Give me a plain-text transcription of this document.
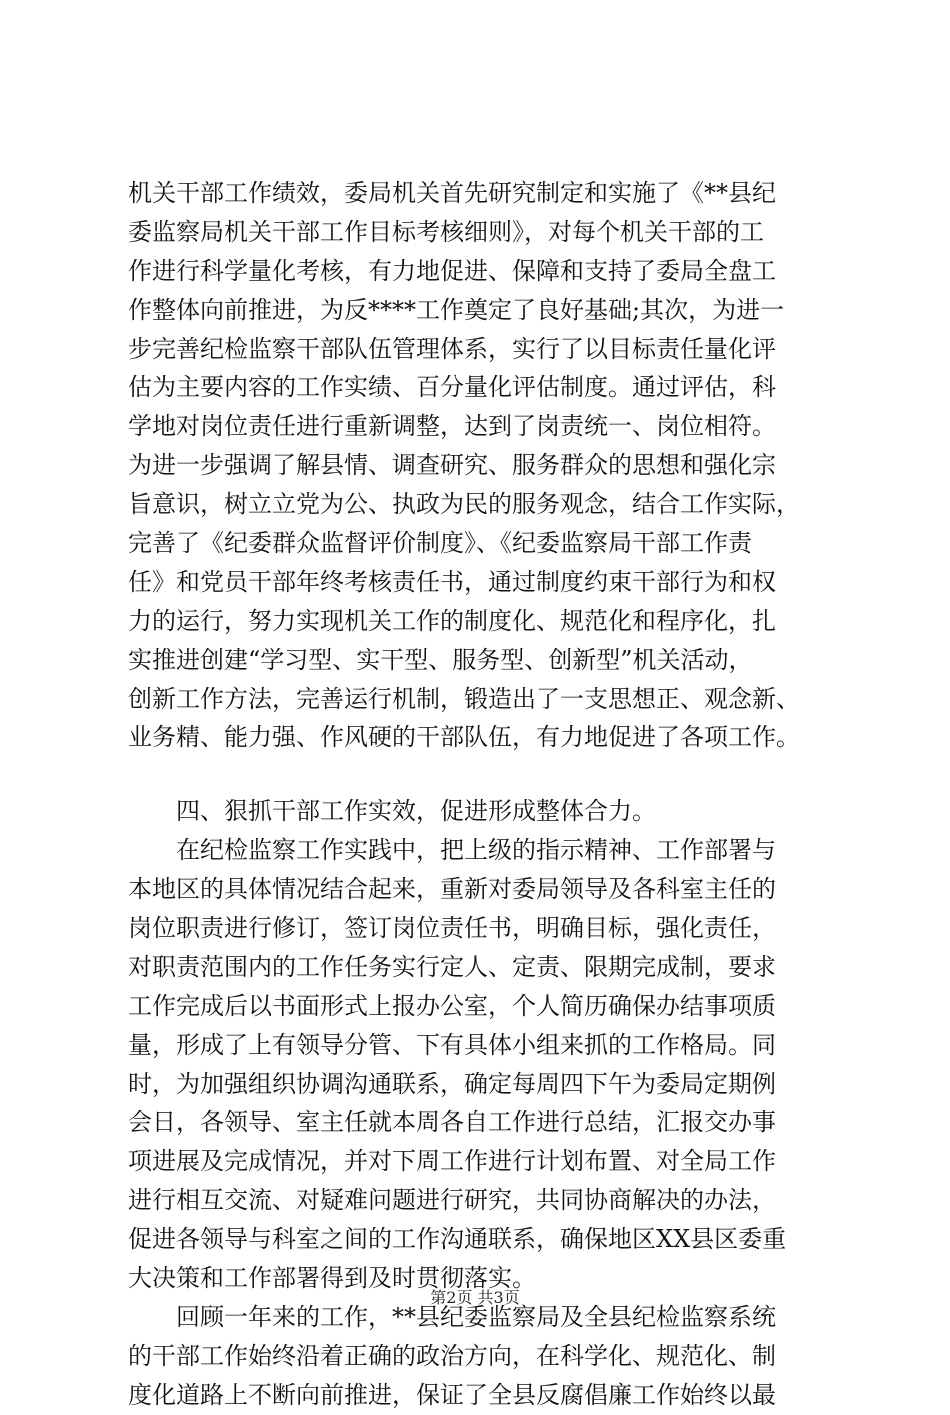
机关干部工作绩效，委局机关首先研究制定和实施了《**县纪
委监察局机关干部工作目标考核细则》，对每个机关干部的工
作进行科学量化考核，有力地促进、保障和支持了委局全盘工
作整体向前推进，为反****工作奠定了良好基础;其次，为进一
步完善纪检监察干部队伍管理体系，实行了以目标责任量化评
估为主要内容的工作实绩、百分量化评估制度。通过评估，科
学地对岗位责任进行重新调整，达到了岗责统一、岗位相符。
为进一步强调了解县情、调查研究、服务群众的思想和强化宗
旨意识，树立立党为公、执政为民的服务观念，结合工作实际，
完善了《纪委群众监督评价制度》、《纪委监察局干部工作责
任》和党员干部年终考核责任书，通过制度约束干部行为和权
力的运行，努力实现机关工作的制度化、规范化和程序化，扎
实推进创建“学习型、实干型、服务型、创新型”机关活动，
创新工作方法，完善运行机制，锻造出了一支思想正、观念新、
业务精、能力强、作风硬的干部队伍，有力地促进了各项工作。
四、狠抓干部工作实效，促进形成整体合力。
在纪检监察工作实践中，把上级的指示精神、工作部署与
本地区的具体情况结合起来，重新对委局领导及各科室主任的
岗位职责进行修订，签订岗位责任书，明确目标，强化责任，
对职责范围内的工作任务实行定人、定责、限期完成制，要求
工作完成后以书面形式上报办公室，个人简历确保办结事项质
量，形成了上有领导分管、下有具体小组来抓的工作格局。同
时，为加强组织协调沟通联系，确定每周四下午为委局定期例
会日，各领导、室主任就本周各自工作进行总结，汇报交办事
项进展及完成情况，并对下周工作进行计划布置、对全局工作
进行相互交流、对疑难问题进行研究，共同协商解决的办法，
促进各领导与科室之间的工作沟通联系，确保地区XX县区委重
大决策和工作部署得到及时贯彻落实。
回顾一年来的工作，**县纪委监察局及全县纪检监察系统
的干部工作始终沿着正确的政治方向，在科学化、规范化、制
度化道路上不断向前推进，保证了全县反腐倡廉工作始终以最
第2页 共3页
